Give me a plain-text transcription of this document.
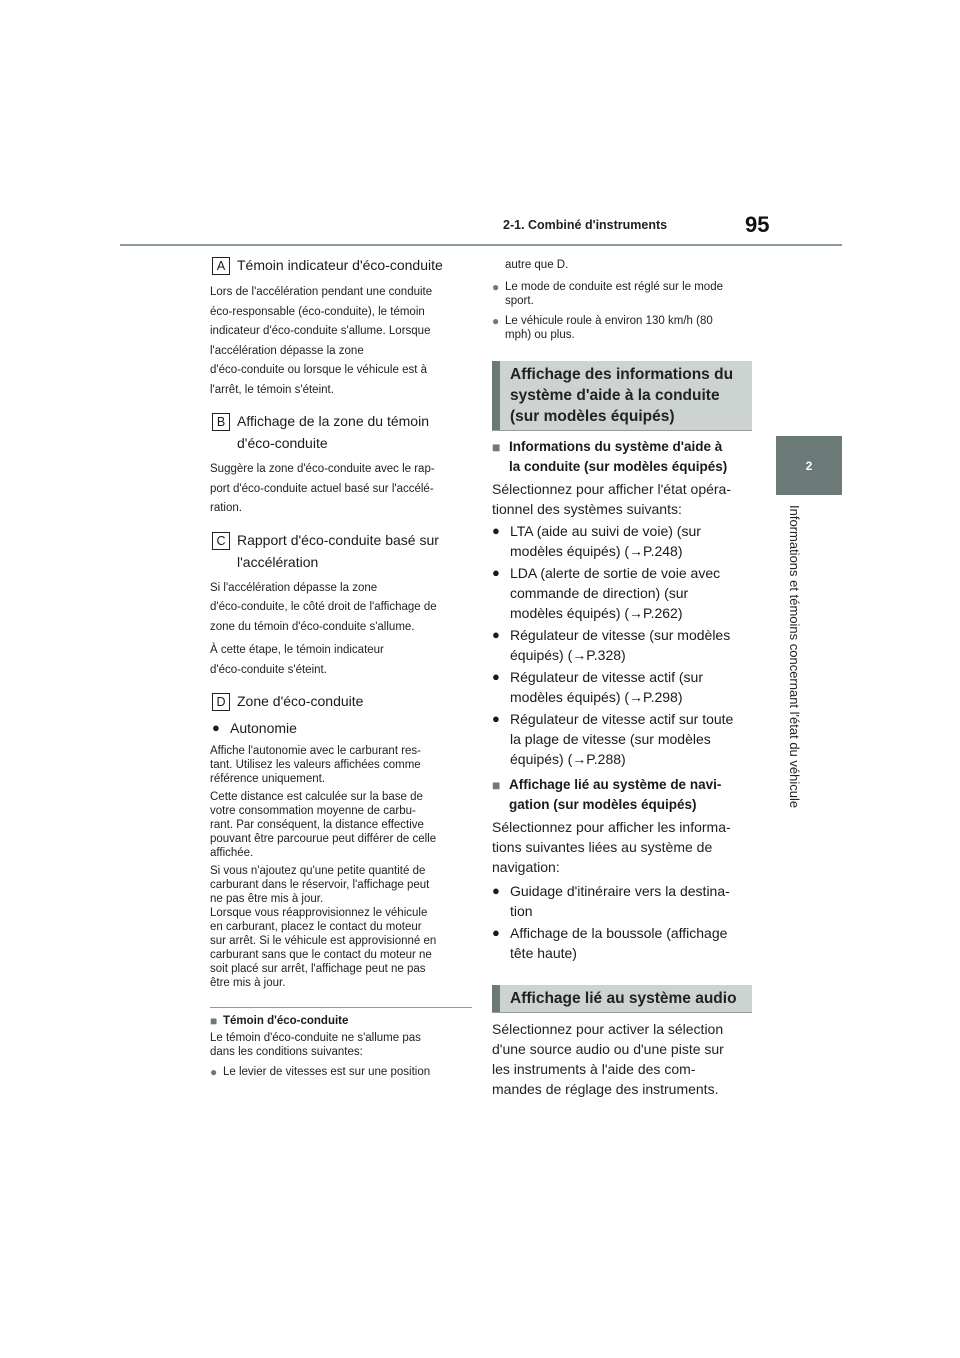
2-1. Combiné d'instruments	95
2
Informations et témoins concernant l'état du véhicule
A Témoin indicateur d'éco-conduite

Lors de l'accélération pendant une conduite

éco-responsable (éco-conduite), le témoin

indicateur d'éco-conduite s'allume. Lorsque

l'accélération dépasse la zone

d'éco-conduite ou lorsque le véhicule est à

l'arrêt, le témoin s'éteint.

B Affichage de la zone du témoin
d'éco-conduite

Suggère la zone d'éco-conduite avec le rap-

port d'éco-conduite actuel basé sur l'accélé-

ration.

C Rapport d'éco-conduite basé sur
l'accélération

Si l'accélération dépasse la zone

d'éco-conduite, le côté droit de l'affichage de

zone du témoin d'éco-conduite s'allume.

À cette étape, le témoin indicateur

d'éco-conduite s'éteint.

D Zone d'éco-conduite
● Autonomie

Affiche l'autonomie avec le carburant res-

tant. Utilisez les valeurs affichées comme

référence uniquement.

Cette distance est calculée sur la base de

votre consommation moyenne de carbu-

rant. Par conséquent, la distance effective

pouvant être parcourue peut différer de celle

affichée.

Si vous n'ajoutez qu'une petite quantité de

carburant dans le réservoir, l'affichage peut

ne pas être mis à jour.

Lorsque vous réapprovisionnez le véhicule

en carburant, placez le contact du moteur

sur arrêt. Si le véhicule est approvisionné en

carburant sans que le contact du moteur ne

soit placé sur arrêt, l'affichage peut ne pas

être mis à jour.

■ Témoin d'éco-conduite

Le témoin d'éco-conduite ne s'allume pas

dans les conditions suivantes:

● Le levier de vitesses est sur une position

autre que D.

● Le mode de conduite est réglé sur le mode
sport.
● Le véhicule roule à environ 130 km/h (80
mph) ou plus.
Affichage des informations du
système d'aide à la conduite
(sur modèles équipés)
■ Informations du système d'aide à
la conduite (sur modèles équipés)

Sélectionnez pour afficher l'état opéra-

tionnel des systèmes suivants:

● LTA (aide au suivi de voie) (sur
modèles équipés) (→P.248)
● LDA (alerte de sortie de voie avec
commande de direction) (sur
modèles équipés) (→P.262)
● Régulateur de vitesse (sur modèles
équipés) (→P.328)
● Régulateur de vitesse actif (sur
modèles équipés) (→P.298)
● Régulateur de vitesse actif sur toute
la plage de vitesse (sur modèles
équipés) (→P.288)
■ Affichage lié au système de navi-
gation (sur modèles équipés)

Sélectionnez pour afficher les informa-

tions suivantes liées au système de

navigation:

● Guidage d'itinéraire vers la destina-
tion
● Affichage de la boussole (affichage
tête haute)
Affichage lié au système audio

Sélectionnez pour activer la sélection

d'une source audio ou d'une piste sur

les instruments à l'aide des com-

mandes de réglage des instruments.
